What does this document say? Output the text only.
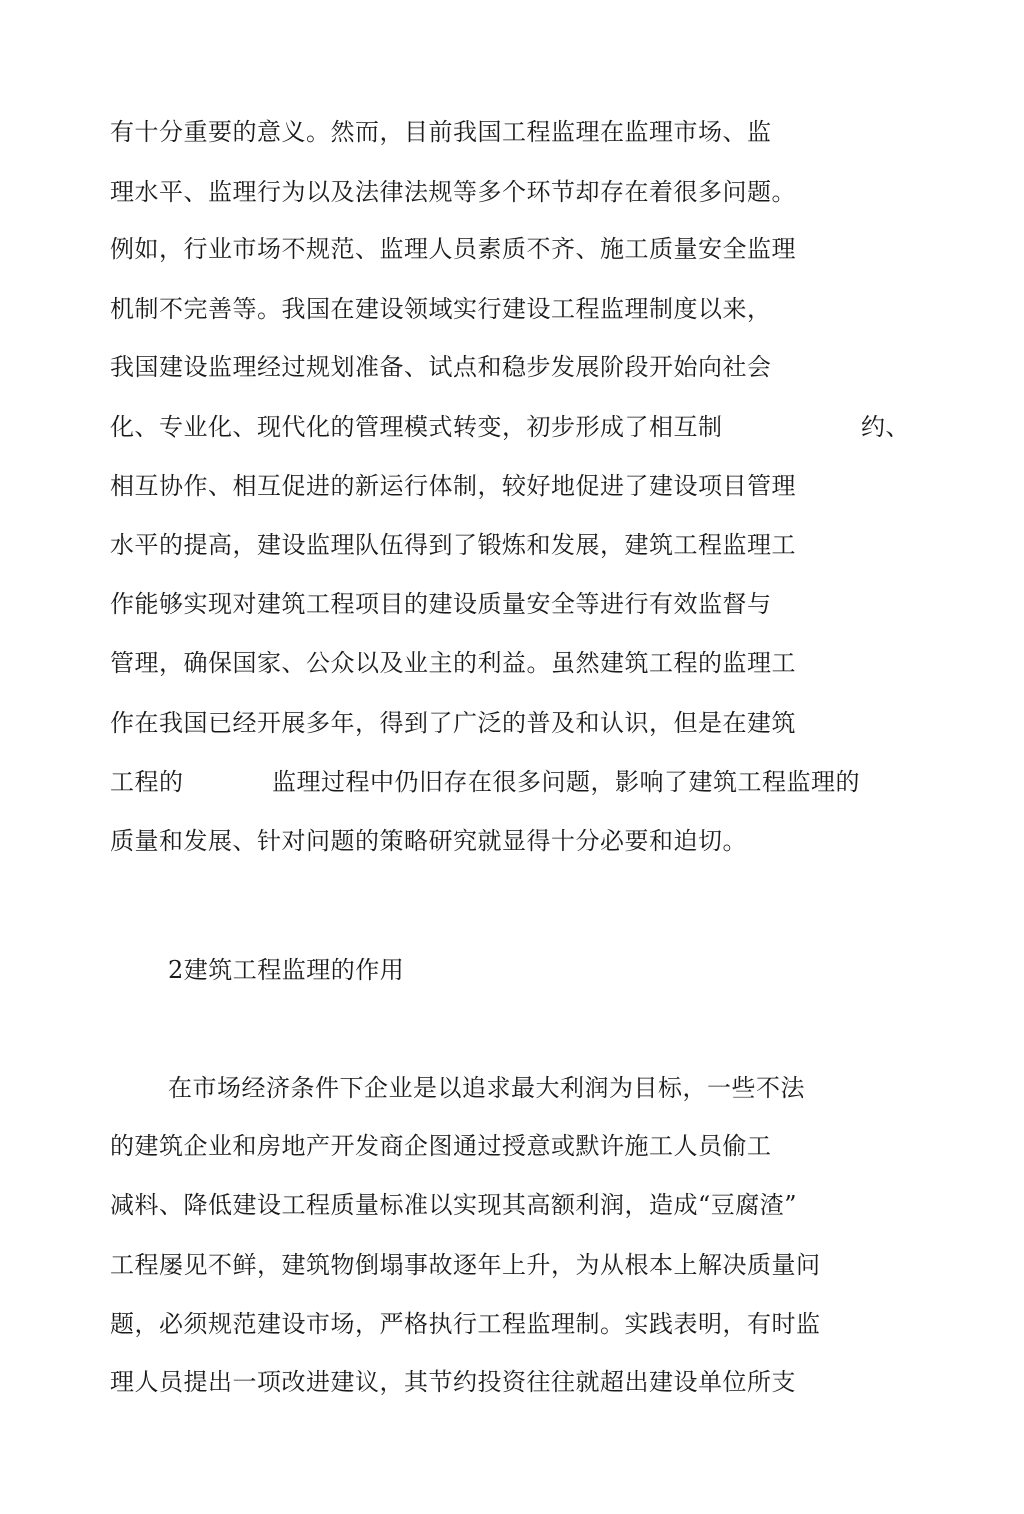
有十分重要的意义。然而，目前我国工程监理在监理市场、监
理水平、监理行为以及法律法规等多个环节却存在着很多问题。
例如，行业市场不规范、监理人员素质不齐、施工质量安全监理
机制不完善等。我国在建设领域实行建设工程监理制度以来，
我国建设监理经过规划准备、试点和稳步发展阶段开始向社会
化、专业化、现代化的管理模式转变，初步形成了相互制	约、
相互协作、相互促进的新运行体制，较好地促进了建设项目管理
水平的提高，建设监理队伍得到了锻炼和发展，建筑工程监理工
作能够实现对建筑工程项目的建设质量安全等进行有效监督与
管理，确保国家、公众以及业主的利益。虽然建筑工程的监理工
作在我国已经开展多年，得到了广泛的普及和认识，但是在建筑
工程的	监理过程中仍旧存在很多问题，影响了建筑工程监理的
质量和发展、针对问题的策略研究就显得十分必要和迫切。
2建筑工程监理的作用
在市场经济条件下企业是以追求最大利润为目标，一些不法
的建筑企业和房地产开发商企图通过授意或默许施工人员偷工
减料、降低建设工程质量标准以实现其高额利润，造成“豆腐渣”
工程屡见不鲜，建筑物倒塌事故逐年上升，为从根本上解决质量问
题，必须规范建设市场，严格执行工程监理制。实践表明，有时监
理人员提出一项改进建议，其节约投资往往就超出建设单位所支
